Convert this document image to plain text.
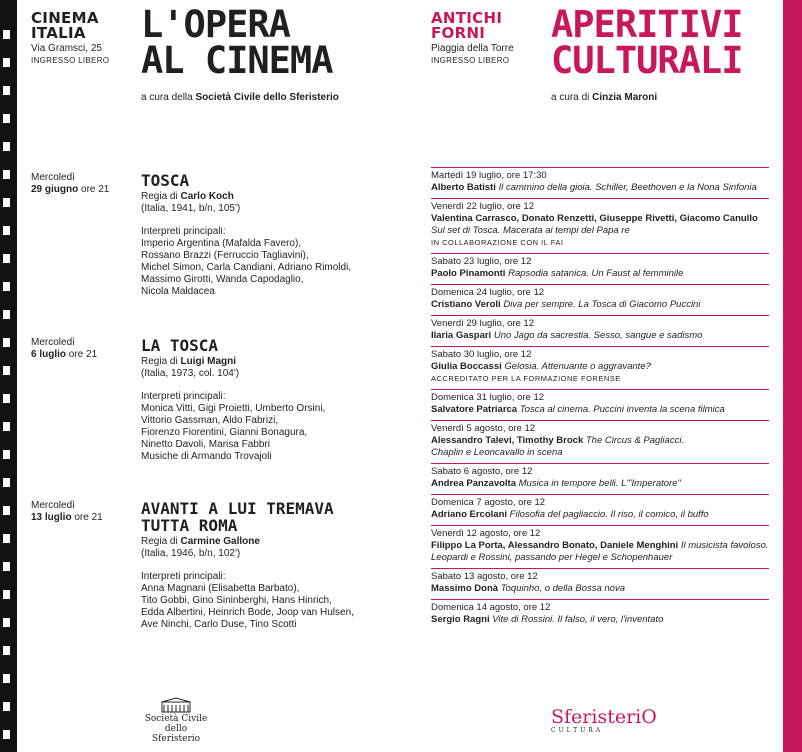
CINEMA
ITALIA
Via Gramsci, 25
INGRESSO LIBERO
L'OPERA
AL CINEMA
a cura della Società Civile dello Sferisterio
Mercoledì
29 giugno ore 21	TOSCA
Regia di Carlo Koch
(Italia, 1941, b/n, 105')
Interpreti principali:
Imperio Argentina (Mafalda Favero),
Rossano Brazzi (Ferruccio Tagliavini),
Michel Simon, Carla Candiani, Adriano Rimoldi,
Massimo Girotti, Wanda Capodaglio,
Nicola Maldacea
Mercoledì
6 luglio ore 21	LA TOSCA
Regia di Luigi Magni
(Italia, 1973, col. 104')
Interpreti principali:
Monica Vitti, Gigi Proietti, Umberto Orsini,
Vittorio Gassman, Aldo Fabrizi,
Fiorenzo Fiorentini, Gianni Bonagura,
Ninetto Davoli, Marisa Fabbri
Musiche di Armando Trovajoli
Mercoledì
13 luglio ore 21	AVANTI A LUI TREMAVA
TUTTA ROMA
Regia di Carmine Gallone
(Italia, 1946, b/n, 102')
Interpreti principali:
Anna Magnani (Elisabetta Barbato),
Tito Gobbi, Gino Sininberghi, Hans Hinrich,
Edda Albertini, Heinrich Bode, Joop van Hulsen,
Ave Ninchi, Carlo Duse, Tino Scotti
Società Civile
dello Sferisterio
ANTICHI
FORNI
Piaggia della Torre
INGRESSO LIBERO
APERITIVI
CULTURALI
a cura di Cinzia Maroni
Martedì 19 luglio, ore 17:30
Alberto Batisti Il cammino della gioia. Schiller, Beethoven e la Nona Sinfonia
Venerdì 22 luglio, ore 12
Valentina Carrasco, Donato Renzetti, Giuseppe Rivetti, Giacomo Canullo Sul set di Tosca. Macerata ai tempi del Papa re
IN COLLABORAZIONE CON IL FAI
Sabato 23 luglio, ore 12
Paolo Pinamonti Rapsodia satanica. Un Faust al femminile
Domenica 24 luglio, ore 12
Cristiano Veroli Diva per sempre. La Tosca di Giacomo Puccini
Venerdì 29 luglio, ore 12
Ilaria Gaspari Uno Jago da sacrestia. Sesso, sangue e sadismo
Sabato 30 luglio, ore 12
Giulia Boccassi Gelosia. Attenuante o aggravante?
ACCREDITATO PER LA FORMAZIONE FORENSE
Domenica 31 luglio, ore 12
Salvatore Patriarca Tosca al cinema. Puccini inventa la scena filmica
Venerdì 5 agosto, ore 12
Alessandro Talevi, Timothy Brock The Circus & Pagliacci.
Chaplin e Leoncavallo in scena
Sabato 6 agosto, ore 12
Andrea Panzavolta Musica in tempore belli. L'"Imperatore"
Domenica 7 agosto, ore 12
Adriano Ercolani Filosofia del pagliaccio. Il riso, il comico, il buffo
Venerdì 12 agosto, ore 12
Filippo La Porta, Alessandro Bonato, Daniele Menghini Il musicista favoloso. Leopardi e Rossini, passando per Hegel e Schopenhauer
Sabato 13 agosto, ore 12
Massimo Donà Toquinho, o della Bossa nova
Domenica 14 agosto, ore 12
Sergio Ragni Vite di Rossini. Il falso, il vero, l'inventato
SferisteriO
CULTURA
